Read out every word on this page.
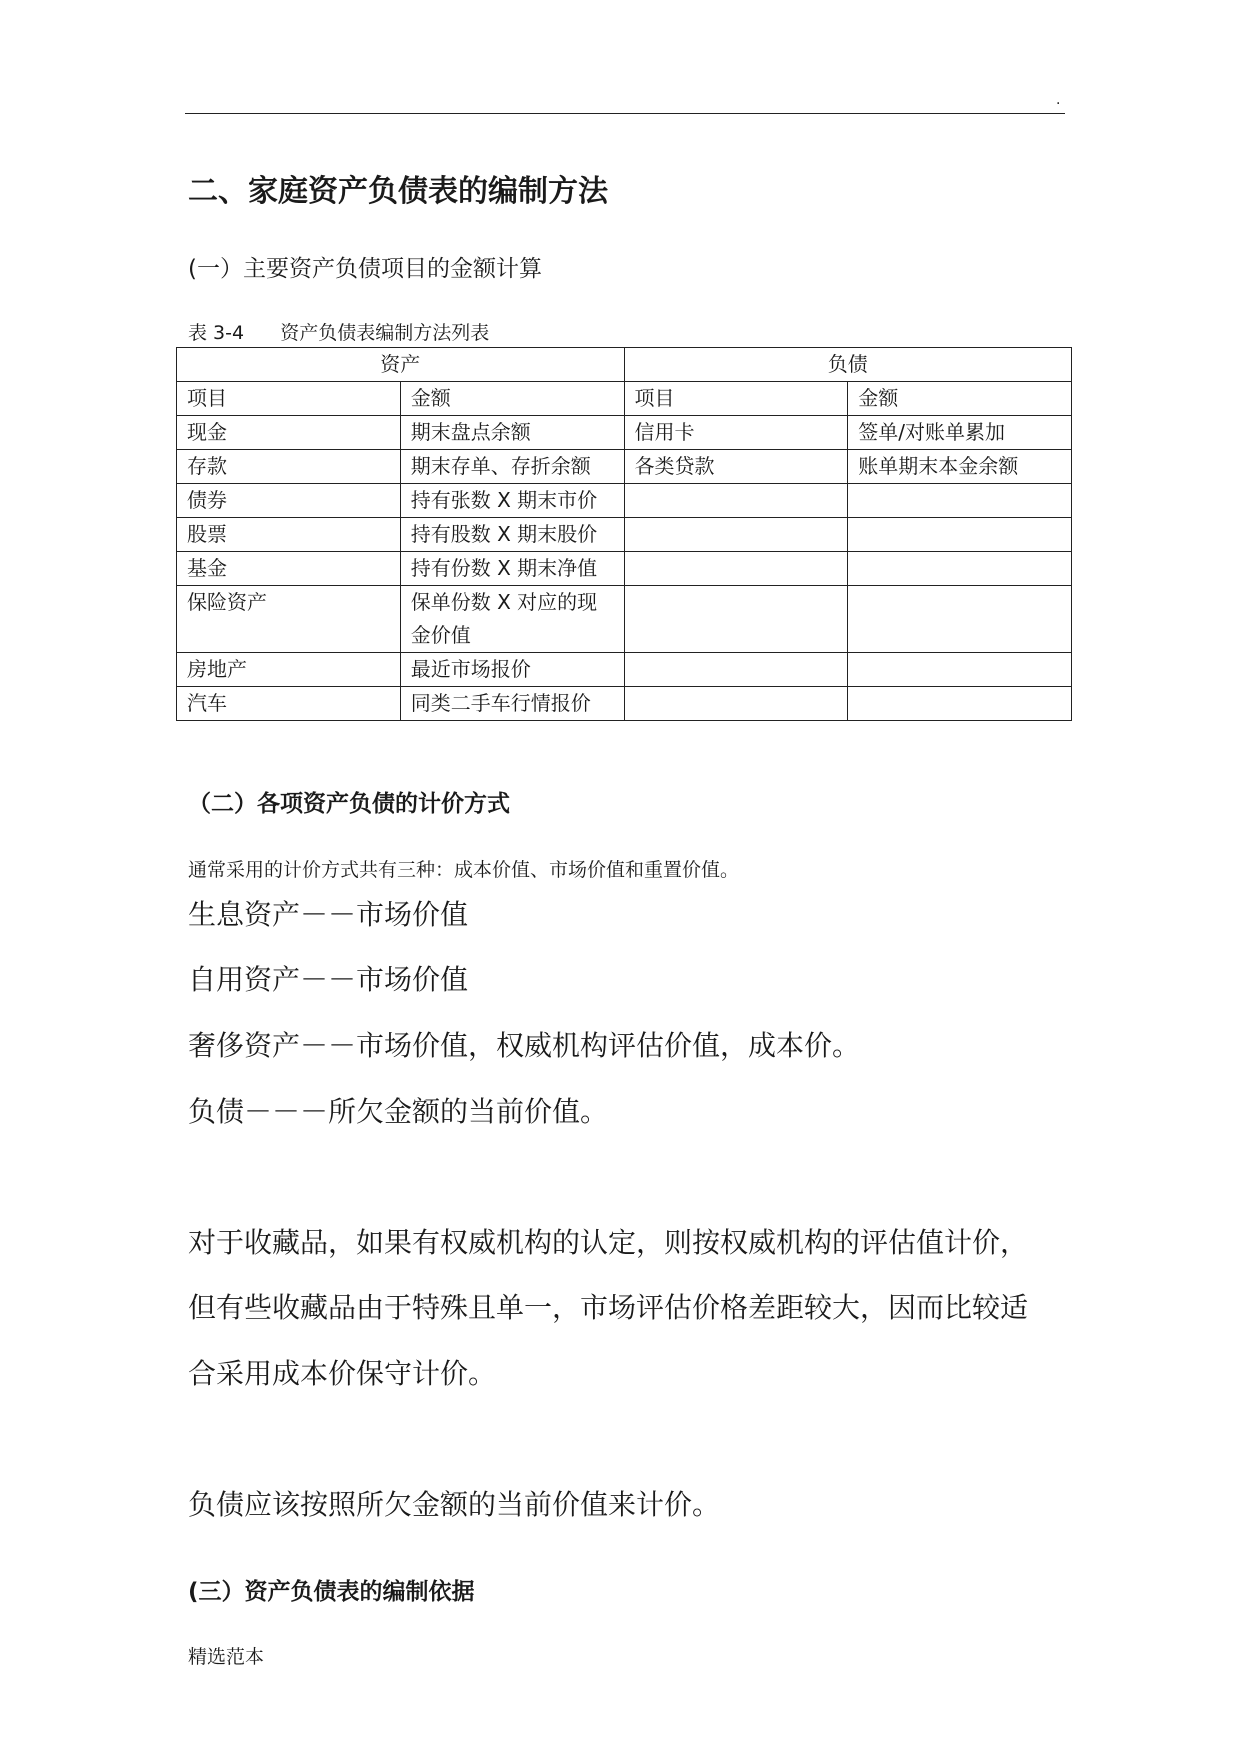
.
二、家庭资产负债表的编制方法
(一）主要资产负债项目的金额计算
表 3-4      资产负债表编制方法列表
资产		负债	
项目	金额	项目	金额
现金	期末盘点余额	信用卡	签单/对账单累加
存款	期末存单、存折余额	各类贷款	账单期末本金余额
债券	持有张数 X 期末市价		
股票	持有股数 X 期末股价		
基金	持有份数 X 期末净值		
保险资产	保单份数 X 对应的现金价值		
房地产	最近市场报价		
汽车	同类二手车行情报价		
（二）各项资产负债的计价方式
通常采用的计价方式共有三种：成本价值、市场价值和重置价值。
生息资产－－市场价值
自用资产－－市场价值
奢侈资产－－市场价值，权威机构评估价值，成本价。
负债－－－所欠金额的当前价值。
对于收藏品，如果有权威机构的认定，则按权威机构的评估值计价，
但有些收藏品由于特殊且单一，市场评估价格差距较大，因而比较适
合采用成本价保守计价。
负债应该按照所欠金额的当前价值来计价。
(三）资产负债表的编制依据
精选范本
